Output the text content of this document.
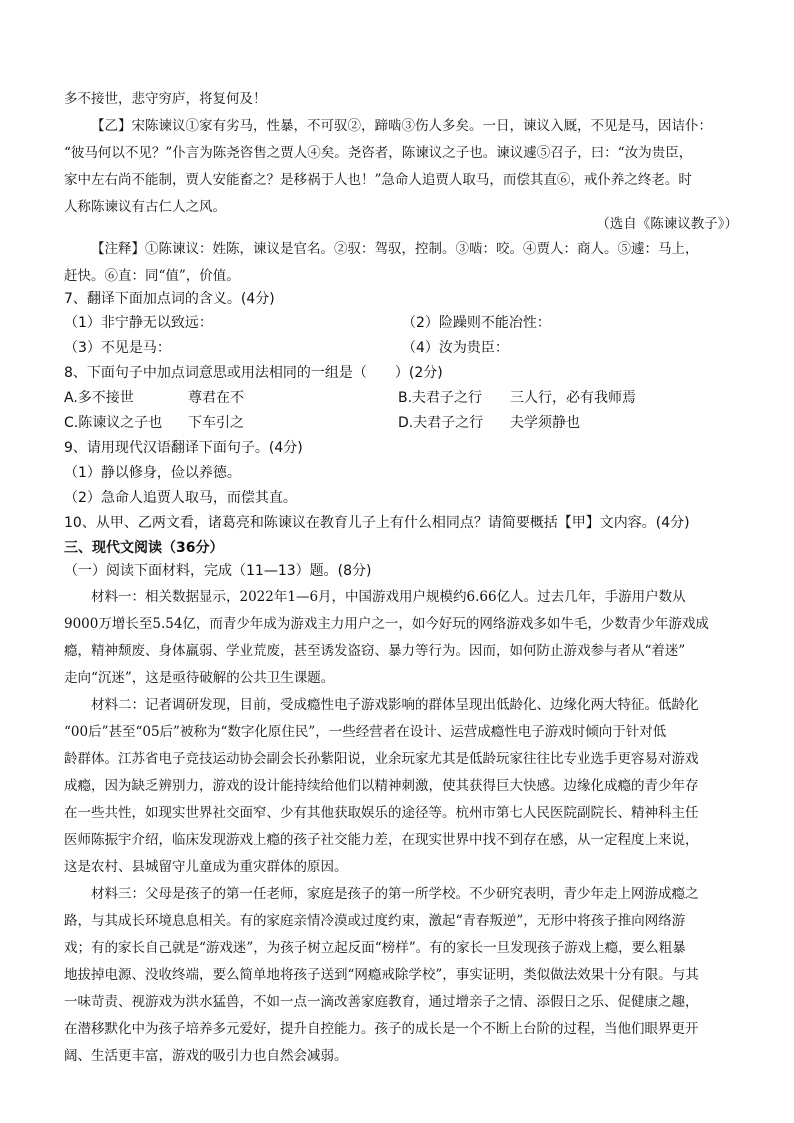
多不接世，悲守穷庐，将复何及！
【乙】宋陈谏议①家有劣马，性暴，不可驭②，蹄啮③伤人多矣。一日，谏议入厩，不见是马，因诘仆：
“彼马何以不见？”仆言为陈尧咨售之贾人④矣。尧咨者，陈谏议之子也。谏议遽⑤召子，曰：“汝为贵臣，
家中左右尚不能制，贾人安能畜之？是移祸于人也！”急命人追贾人取马，而偿其直⑥，戒仆养之终老。时
人称陈谏议有古仁人之风。
（选自《陈谏议教子》）
【注释】①陈谏议：姓陈，谏议是官名。②驭：驾驭，控制。③啮：咬。④贾人：商人。⑤遽：马上，
赶快。⑥直：同“值”，价值。
7、翻译下面加点词的含义。(4分)
（1）非宁静无以致远：	（2）险躁则不能冶性：
（3）不见是马：	（4）汝为贵臣：
8、下面句子中加点词意思或用法相同的一组是（　　）(2分)
A.多不接世	尊君在不	B.夫君子之行 三人行，必有我师焉
C.陈谏议之子也 下车引之	D.夫君子之行 夫学须静也
9、请用现代汉语翻译下面句子。(4分)
（1）静以修身，俭以养德。
（2）急命人追贾人取马，而偿其直。
10、从甲、乙两文看，诸葛亮和陈谏议在教育儿子上有什么相同点？请简要概括【甲】文内容。(4分)
三、现代文阅读（36分）
（一）阅读下面材料，完成（11—13）题。(8分)
材料一：相关数据显示，2022年1—6月，中国游戏用户规模约6.66亿人。过去几年，手游用户数从
9000万增长至5.54亿，而青少年成为游戏主力用户之一，如今好玩的网络游戏多如牛毛，少数青少年游戏成
瘾，精神颓废、身体羸弱、学业荒废，甚至诱发盗窃、暴力等行为。因而，如何防止游戏参与者从“着迷”
走向“沉迷”，这是亟待破解的公共卫生课题。
材料二：记者调研发现，目前，受成瘾性电子游戏影响的群体呈现出低龄化、边缘化两大特征。低龄化
“00后”甚至“05后”被称为“数字化原住民”，一些经营者在设计、运营成瘾性电子游戏时倾向于针对低
龄群体。江苏省电子竞技运动协会副会长孙紫阳说，业余玩家尤其是低龄玩家往往比专业选手更容易对游戏
成瘾，因为缺乏辨别力，游戏的设计能持续给他们以精神刺激，使其获得巨大快感。边缘化成瘾的青少年存
在一些共性，如现实世界社交面窄、少有其他获取娱乐的途径等。杭州市第七人民医院副院长、精神科主任
医师陈振宇介绍，临床发现游戏上瘾的孩子社交能力差，在现实世界中找不到存在感，从一定程度上来说，
这是农村、县城留守儿童成为重灾群体的原因。
材料三：父母是孩子的第一任老师，家庭是孩子的第一所学校。不少研究表明，青少年走上网游成瘾之
路，与其成长环境息息相关。有的家庭亲情冷漠或过度约束，激起“青春叛逆”，无形中将孩子推向网络游
戏；有的家长自己就是“游戏迷”，为孩子树立起反面“榜样”。有的家长一旦发现孩子游戏上瘾，要么粗暴
地拔掉电源、没收终端，要么简单地将孩子送到“网瘾戒除学校”，事实证明，类似做法效果十分有限。与其
一味苛责、视游戏为洪水猛兽，不如一点一滴改善家庭教育，通过增亲子之情、添假日之乐、促健康之趣，
在潜移默化中为孩子培养多元爱好，提升自控能力。孩子的成长是一个不断上台阶的过程，当他们眼界更开
阔、生活更丰富，游戏的吸引力也自然会减弱。
